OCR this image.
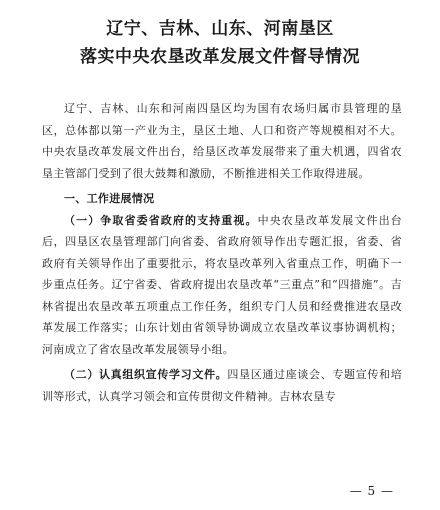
辽宁、吉林、山东、河南垦区
落实中央农垦改革发展文件督导情况

辽宁、吉林、山东和河南四垦区均为国有农场归属市县管理的垦区，总体都以第一产业为主，垦区土地、人口和资产等规模相对不大。中央农垦改革发展文件出台，给垦区改革发展带来了重大机遇，四省农垦主管部门受到了很大鼓舞和激励，不断推进相关工作取得进展。

一、工作进展情况

（一）争取省委省政府的支持重视。中央农垦改革发展文件出台后，四垦区农垦管理部门向省委、省政府领导作出专题汇报，省委、省政府有关领导作出了重要批示，将农垦改革列入省重点工作，明确下一步重点任务。辽宁省委、省政府提出农垦改革“三重点”和“四措施”。吉林省提出农垦改革五项重点工作任务，组织专门人员和经费推进农垦改革发展工作落实；山东计划由省领导协调成立农垦改革议事协调机构；河南成立了省农垦改革发展领导小组。

（二）认真组织宣传学习文件。四垦区通过座谈会、专题宣传和培训等形式，认真学习领会和宣传贯彻文件精神。吉林农垦专

— 5 —
